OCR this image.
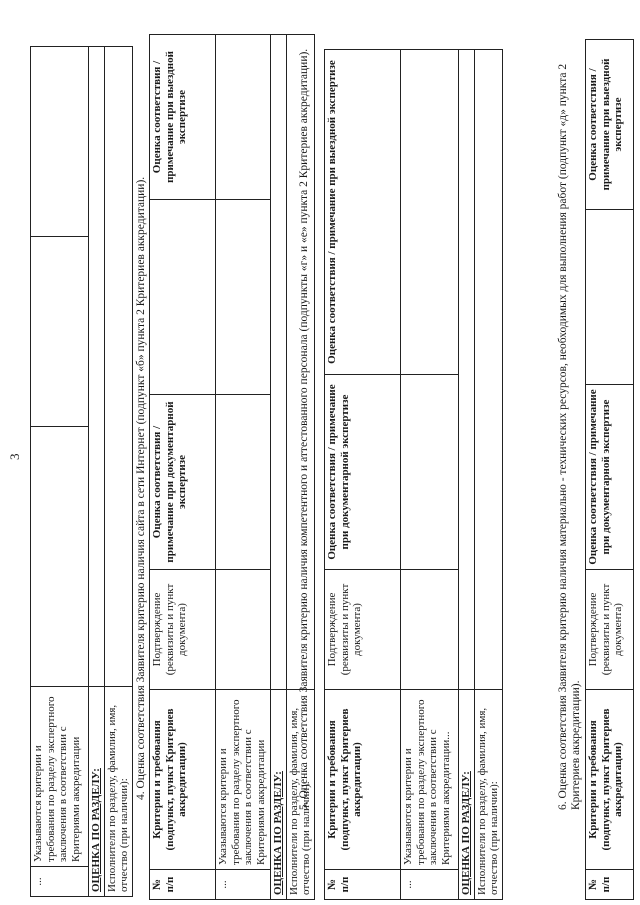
3
...	Указываются критерии и требования по разделу экспертного заключения в соответствии с Критериями аккредитации			
ОЦЕНКА ПО РАЗДЕЛУ:				
Исполнители по разделу, фамилия, имя, отчество (при наличии):				
4. Оценка соответствия Заявителя критерию наличия сайта в сети Интернет (подпункт «б» пункта 2 Критериев аккредитации).
№ п/п	Критерии и требования (подпункт, пункт Критериев аккредитации)	Подтверждение (реквизиты и пункт документа)	Оценка соответствия / примечание при документарной экспертизе		Оценка соответствия / примечание при выездной экспертизе
...	Указываются критерии и требования по разделу экспертного заключения в соответствии с Критериями аккредитации				
ОЦЕНКА ПО РАЗДЕЛУ:					
Исполнители по разделу, фамилия, имя, отчество (при наличии):					
5. Оценка соответствия Заявителя критерию наличия компетентного и аттестованного персонала (подпункты «г» и «е» пункта 2 Критериев аккредитации).
№ п/п	Критерии и требования (подпункт, пункт Критериев аккредитации)	Подтверждение (реквизиты и пункт документа)	Оценка соответствия / примечание при документарной экспертизе	Оценка соответствия / примечание при выездной экспертизе
...	Указываются критерии и требования по разделу экспертного заключения в соответствии с Критериями аккредитации...			
ОЦЕНКА ПО РАЗДЕЛУ:				
Исполнители по разделу, фамилия, имя, отчество (при наличии):				
6. Оценка соответствия Заявителя критерию наличия материально - технических ресурсов, необходимых для выполнения работ (подпункт «д» пункта 2 Критериев аккредитации).
№ п/п	Критерии и требования (подпункт, пункт Критериев аккредитации)	Подтверждение (реквизиты и пункт документа)	Оценка соответствия / примечание при документарной экспертизе		Оценка соответствия / примечание при выездной экспертизе
